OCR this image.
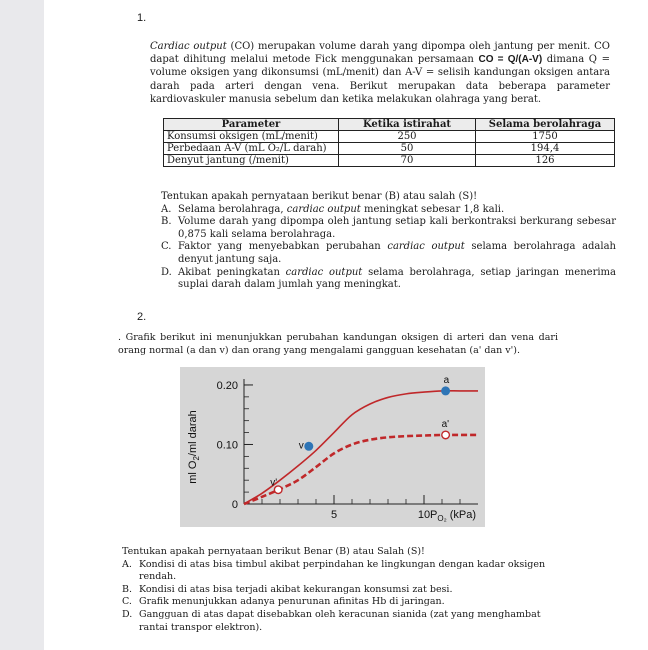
1.
Cardiac output (CO) merupakan volume darah yang dipompa oleh jantung per menit. CO dapat dihitung melalui metode Fick menggunakan persamaan CO = Q/(A-V) dimana Q = volume oksigen yang dikonsumsi (mL/menit) dan A-V = selisih kandungan oksigen antara darah pada arteri dengan vena. Berikut merupakan data beberapa parameter kardiovaskuler manusia sebelum dan ketika melakukan olahraga yang berat.
Parameter	Ketika istirahat	Selama berolahraga
Konsumsi oksigen (mL/menit)	250	1750
Perbedaan A-V (mL O₂/L darah)	50	194,4
Denyut jantung (/menit)	70	126
Tentukan apakah pernyataan berikut benar (B) atau salah (S)!
A. Selama berolahraga, cardiac output meningkat sebesar 1,8 kali.
B. Volume darah yang dipompa oleh jantung setiap kali berkontraksi berkurang sebesar 0,875 kali selama berolahraga.
C. Faktor yang menyebabkan perubahan cardiac output selama berolahraga adalah denyut jantung saja.
D. Akibat peningkatan cardiac output selama berolahraga, setiap jaringan menerima suplai darah dalam jumlah yang meningkat.
2.
. Grafik berikut ini menunjukkan perubahan kandungan oksigen di arteri dan vena dari orang normal (a dan v) dan orang yang mengalami gangguan kesehatan (a' dan v').
0
0.10
0.20
5	10
a
v
a'
v'
ml $O_2/ml$ darah
$P_{O_2}$ (kPa)
Tentukan apakah pernyataan berikut Benar (B) atau Salah (S)!
A. Kondisi di atas bisa timbul akibat perpindahan ke lingkungan dengan kadar oksigen rendah.
B. Kondisi di atas bisa terjadi akibat kekurangan konsumsi zat besi.
C. Grafik menunjukkan adanya penurunan afinitas Hb di jaringan.
D. Gangguan di atas dapat disebabkan oleh keracunan sianida (zat yang menghambat rantai transpor elektron).
